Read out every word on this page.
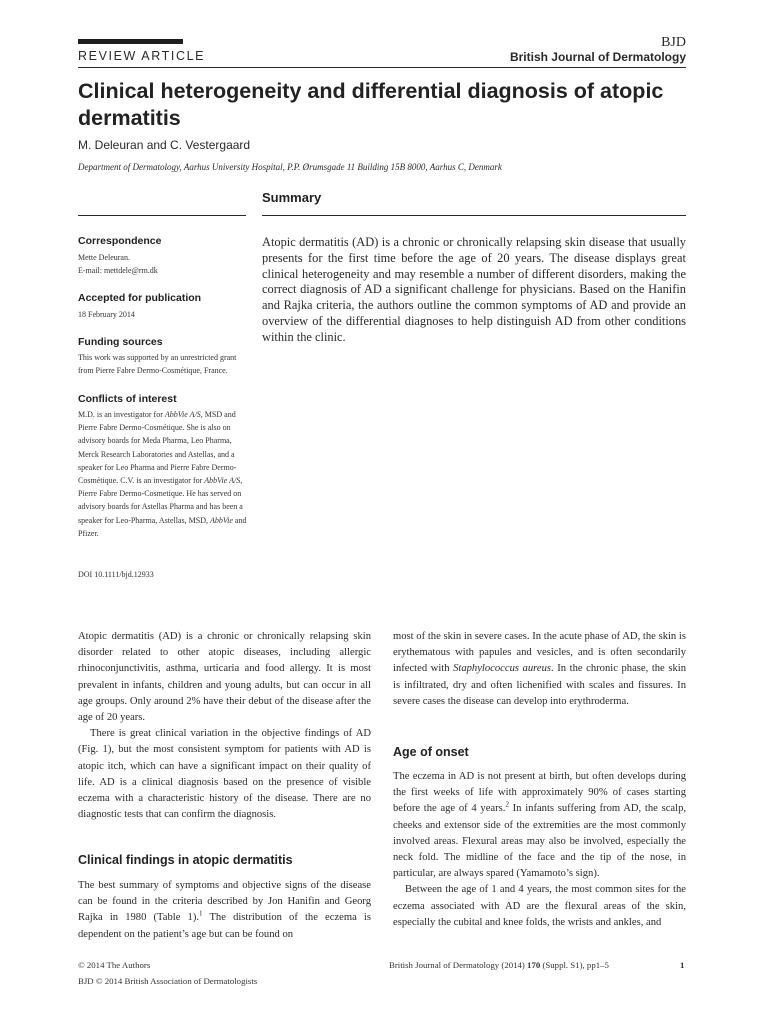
REVIEW ARTICLE
BJD
British Journal of Dermatology
Clinical heterogeneity and differential diagnosis of atopic dermatitis
M. Deleuran and C. Vestergaard
Department of Dermatology, Aarhus University Hospital, P.P. Ørumsgade 11 Building 15B 8000, Aarhus C, Denmark
Summary
Atopic dermatitis (AD) is a chronic or chronically relapsing skin disease that usually presents for the first time before the age of 20 years. The disease displays great clinical heterogeneity and may resemble a number of different disorders, making the correct diagnosis of AD a significant challenge for physicians. Based on the Hanifin and Rajka criteria, the authors outline the common symptoms of AD and provide an overview of the differential diagnoses to help distinguish AD from other conditions within the clinic.
Correspondence
Mette Deleuran.
E-mail: mettdele@rm.dk
Accepted for publication
18 February 2014
Funding sources
This work was supported by an unrestricted grant from Pierre Fabre Dermo-Cosmétique, France.
Conflicts of interest
M.D. is an investigator for AbbVie A/S, MSD and Pierre Fabre Dermo-Cosmétique. She is also on advisory boards for Meda Pharma, Leo Pharma, Merck Research Laboratories and Astellas, and a speaker for Leo Pharma and Pierre Fabre Dermo-Cosmétique. C.V. is an investigator for AbbVie A/S, Pierre Fabre Dermo-Cosmetique. He has served on advisory boards for Astellas Pharma and has been a speaker for Leo-Pharma, Astellas, MSD, AbbVie and Pfizer.
DOI 10.1111/bjd.12933

Atopic dermatitis (AD) is a chronic or chronically relapsing skin disorder related to other atopic diseases, including allergic rhinoconjunctivitis, asthma, urticaria and food allergy. It is most prevalent in infants, children and young adults, but can occur in all age groups. Only around 2% have their debut of the disease after the age of 20 years.

There is great clinical variation in the objective findings of AD (Fig. 1), but the most consistent symptom for patients with AD is atopic itch, which can have a significant impact on their quality of life. AD is a clinical diagnosis based on the presence of visible eczema with a characteristic history of the disease. There are no diagnostic tests that can confirm the diagnosis.

Clinical findings in atopic dermatitis

The best summary of symptoms and objective signs of the disease can be found in the criteria described by Jon Hanifin and Georg Rajka in 1980 (Table 1).$^1$ The distribution of the eczema is dependent on the patient’s age but can be found on

most of the skin in severe cases. In the acute phase of AD, the skin is erythematous with papules and vesicles, and is often secondarily infected with Staphylococcus aureus. In the chronic phase, the skin is infiltrated, dry and often lichenified with scales and fissures. In severe cases the disease can develop into erythroderma.

Age of onset

The eczema in AD is not present at birth, but often develops during the first weeks of life with approximately 90% of cases starting before the age of 4 years.$^2$ In infants suffering from AD, the scalp, cheeks and extensor side of the extremities are the most commonly involved areas. Flexural areas may also be involved, especially the neck fold. The midline of the face and the tip of the nose, in particular, are always spared (Yamamoto’s sign).

Between the age of 1 and 4 years, the most common sites for the eczema associated with AD are the flexural areas of the skin, especially the cubital and knee folds, the wrists and ankles, and

© 2014 The Authors
BJD © 2014 British Association of Dermatologists
British Journal of Dermatology (2014) 170 (Suppl. S1), pp1–5	1
